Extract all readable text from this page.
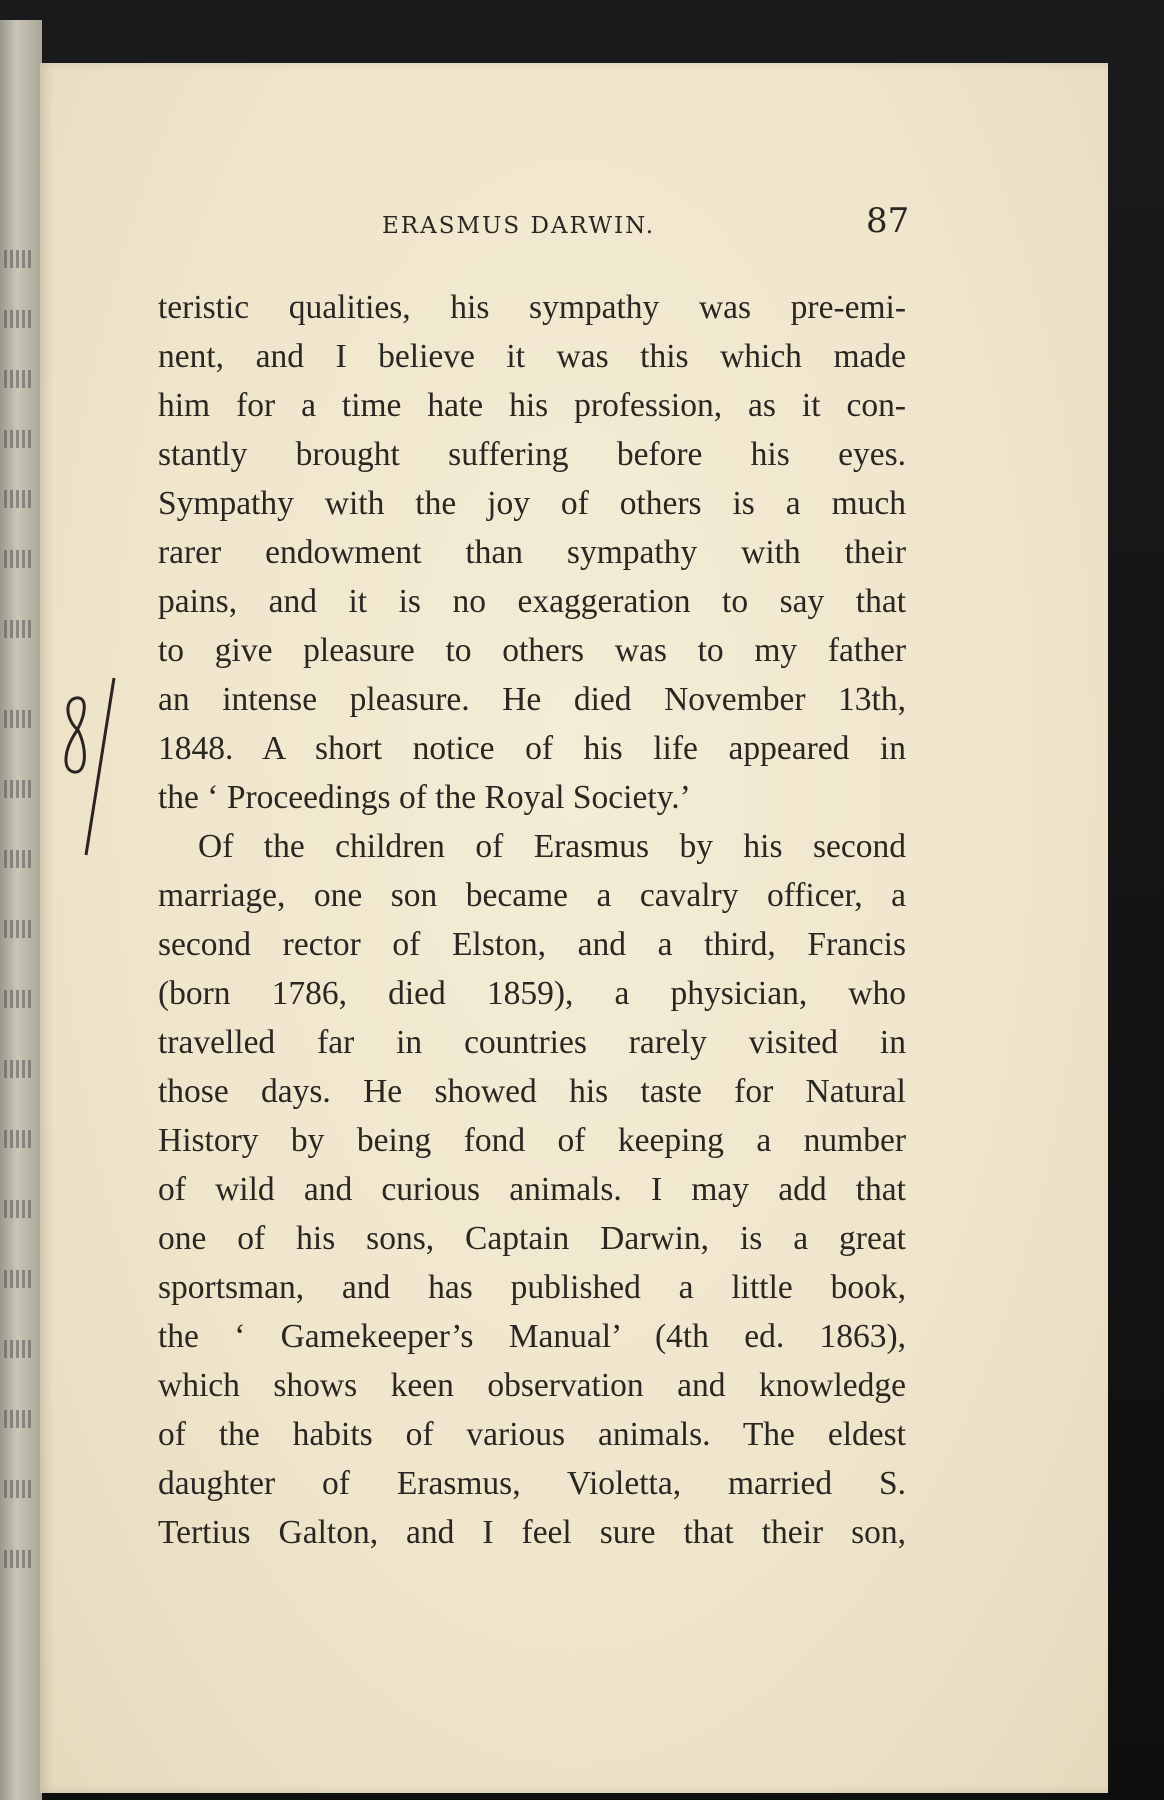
ERASMUS DARWIN.	87
teristic qualities, his sympathy was pre-emi-
nent, and I believe it was this which made
him for a time hate his profession, as it con-
stantly brought suffering before his eyes.
Sympathy with the joy of others is a much
rarer endowment than sympathy with their
pains, and it is no exaggeration to say that
to give pleasure to others was to my father
an intense pleasure. He died November 13th,
1848. A short notice of his life appeared in
the ‘ Proceedings of the Royal Society.’
Of the children of Erasmus by his second
marriage, one son became a cavalry officer, a
second rector of Elston, and a third, Francis
(born 1786, died 1859), a physician, who
travelled far in countries rarely visited in
those days. He showed his taste for Natural
History by being fond of keeping a number
of wild and curious animals. I may add that
one of his sons, Captain Darwin, is a great
sportsman, and has published a little book,
the ‘ Gamekeeper’s Manual’ (4th ed. 1863),
which shows keen observation and knowledge
of the habits of various animals. The eldest
daughter of Erasmus, Violetta, married S.
Tertius Galton, and I feel sure that their son,
